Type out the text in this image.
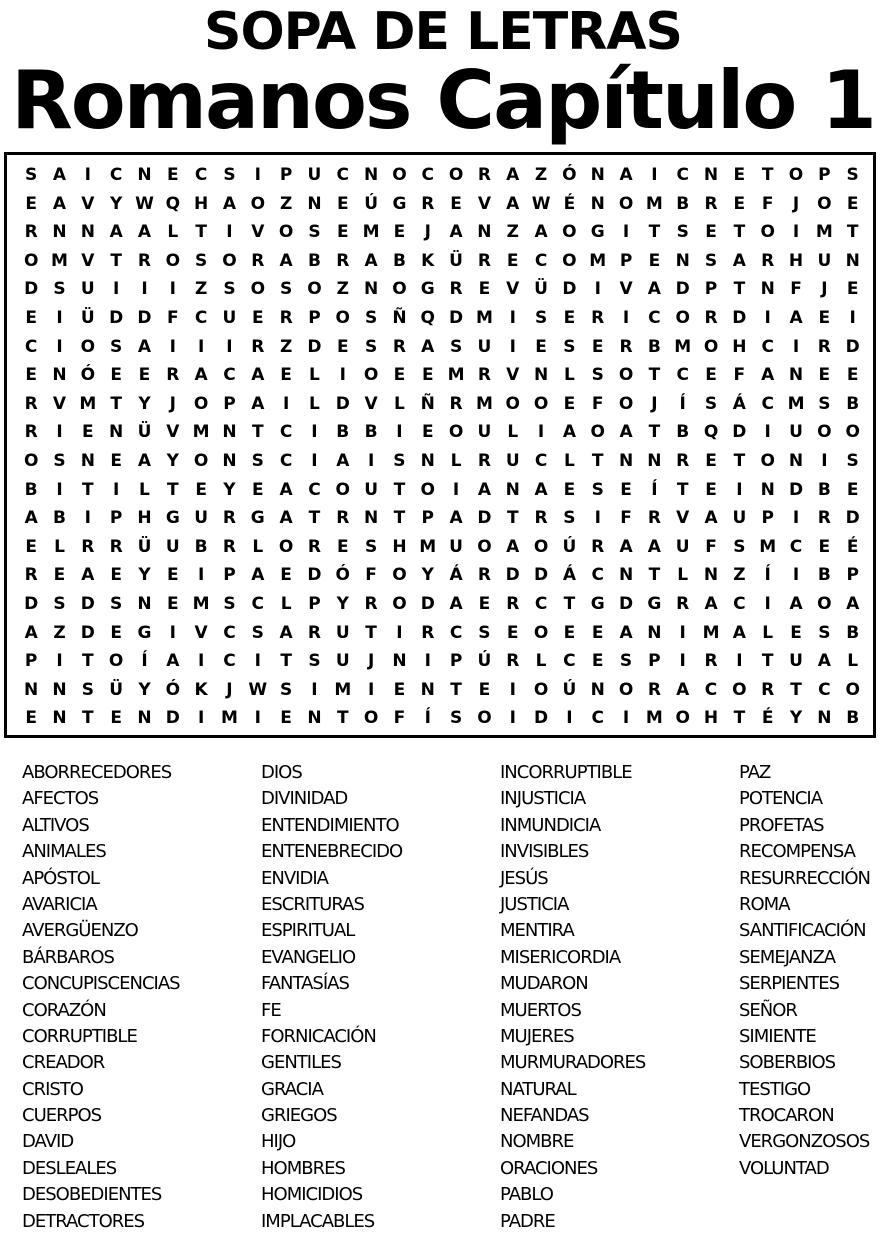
SOPA DE LETRAS
Romanos Capítulo 1
S A	I	C N E C S	I	P U C N O C O R A Z Ó N A	I	C N E T O P S
E A V Y W Q H A O Z N E Ú G R E V A W É N O M B R E F	J	O E
R N N A A L	T	I	V O S E M E	J	A N Z A O G	I	T S E T O	I M T
O M V T R O S O R A B R A B K Ü R E C O M P E N S A R H U N
D S U	I	I	I	Z S O S O Z N O G R E V Ü D	I	V A D P T N F	J	E
E	I	Ü D D F C U E R P O S Ñ Q D M I	S E R	I	C O R D	I	A E	I
C	I	O S A	I	I	I	R Z D E S R A S U	I	E S E R B M O H C	I	R D
E N Ó E E R A C A E	L	I	O E E M R V N L S O T C E F A N E E
R V M T Y	J	O P A	I	L D V L Ñ R M O O E F O	J	Í	S Á C M S B
R	I	E N Ü V M N T C	I	B B	I	E O U L	I	A O A T B Q D	I	U O O
O S N E A Y O N S C	I	A	I	S N L R U C L	T N N R E T O N	I	S
B	I	T	I	L	T E Y E A C O U T O	I	A N A E S E	Í	T E	I	N D B E
A B	I	P H G U R G A T R N T P A D T R S	I	F R V A U P	I	R D
E	L R R Ü U B R L O R E S H M U O A O Ú R A A U F S M C E É
R E A E Y E	I	P A E D Ó F O Y Á R D D Á C N T	L N Z	Í	I	B P
D S D S N E M S C L P Y R O D A E R C T G D G R A C	I	A O A
A Z D E G	I	V C S A R U T	I	R C S E O E E A N	I M A L	E S B
P	I	T O	Í	A	I	C	I	T S U	J	N	I	P Ú R L C E S P	I	R	I	T U A L
N N S Ü Y Ó K	J W S	I M I	E N T E	I	O Ú N O R A C O R T C O
E N T E N D	I M I	E N T O F	Í	S O	I	D	I	C	I M O H T É Y N B
ABORRECEDORES
AFECTOS
ALTIVOS
ANIMALES
APÓSTOL
AVARICIA
AVERGÜENZO
BÁRBAROS
CONCUPISCENCIAS
CORAZÓN
CORRUPTIBLE
CREADOR
CRISTO
CUERPOS
DAVID
DESLEALES
DESOBEDIENTES
DETRACTORES
DIOS
DIVINIDAD
ENTENDIMIENTO
ENTENEBRECIDO
ENVIDIA
ESCRITURAS
ESPIRITUAL
EVANGELIO
FANTASÍAS
FE
FORNICACIÓN
GENTILES
GRACIA
GRIEGOS
HIJO
HOMBRES
HOMICIDIOS
IMPLACABLES
INCORRUPTIBLE
INJUSTICIA
INMUNDICIA
INVISIBLES
JESÚS
JUSTICIA
MENTIRA
MISERICORDIA
MUDARON
MUERTOS
MUJERES
MURMURADORES
NATURAL
NEFANDAS
NOMBRE
ORACIONES
PABLO
PADRE
PAZ
POTENCIA
PROFETAS
RECOMPENSA
RESURRECCIÓN
ROMA
SANTIFICACIÓN
SEMEJANZA
SERPIENTES
SEÑOR
SIMIENTE
SOBERBIOS
TESTIGO
TROCARON
VERGONZOSOS
VOLUNTAD
